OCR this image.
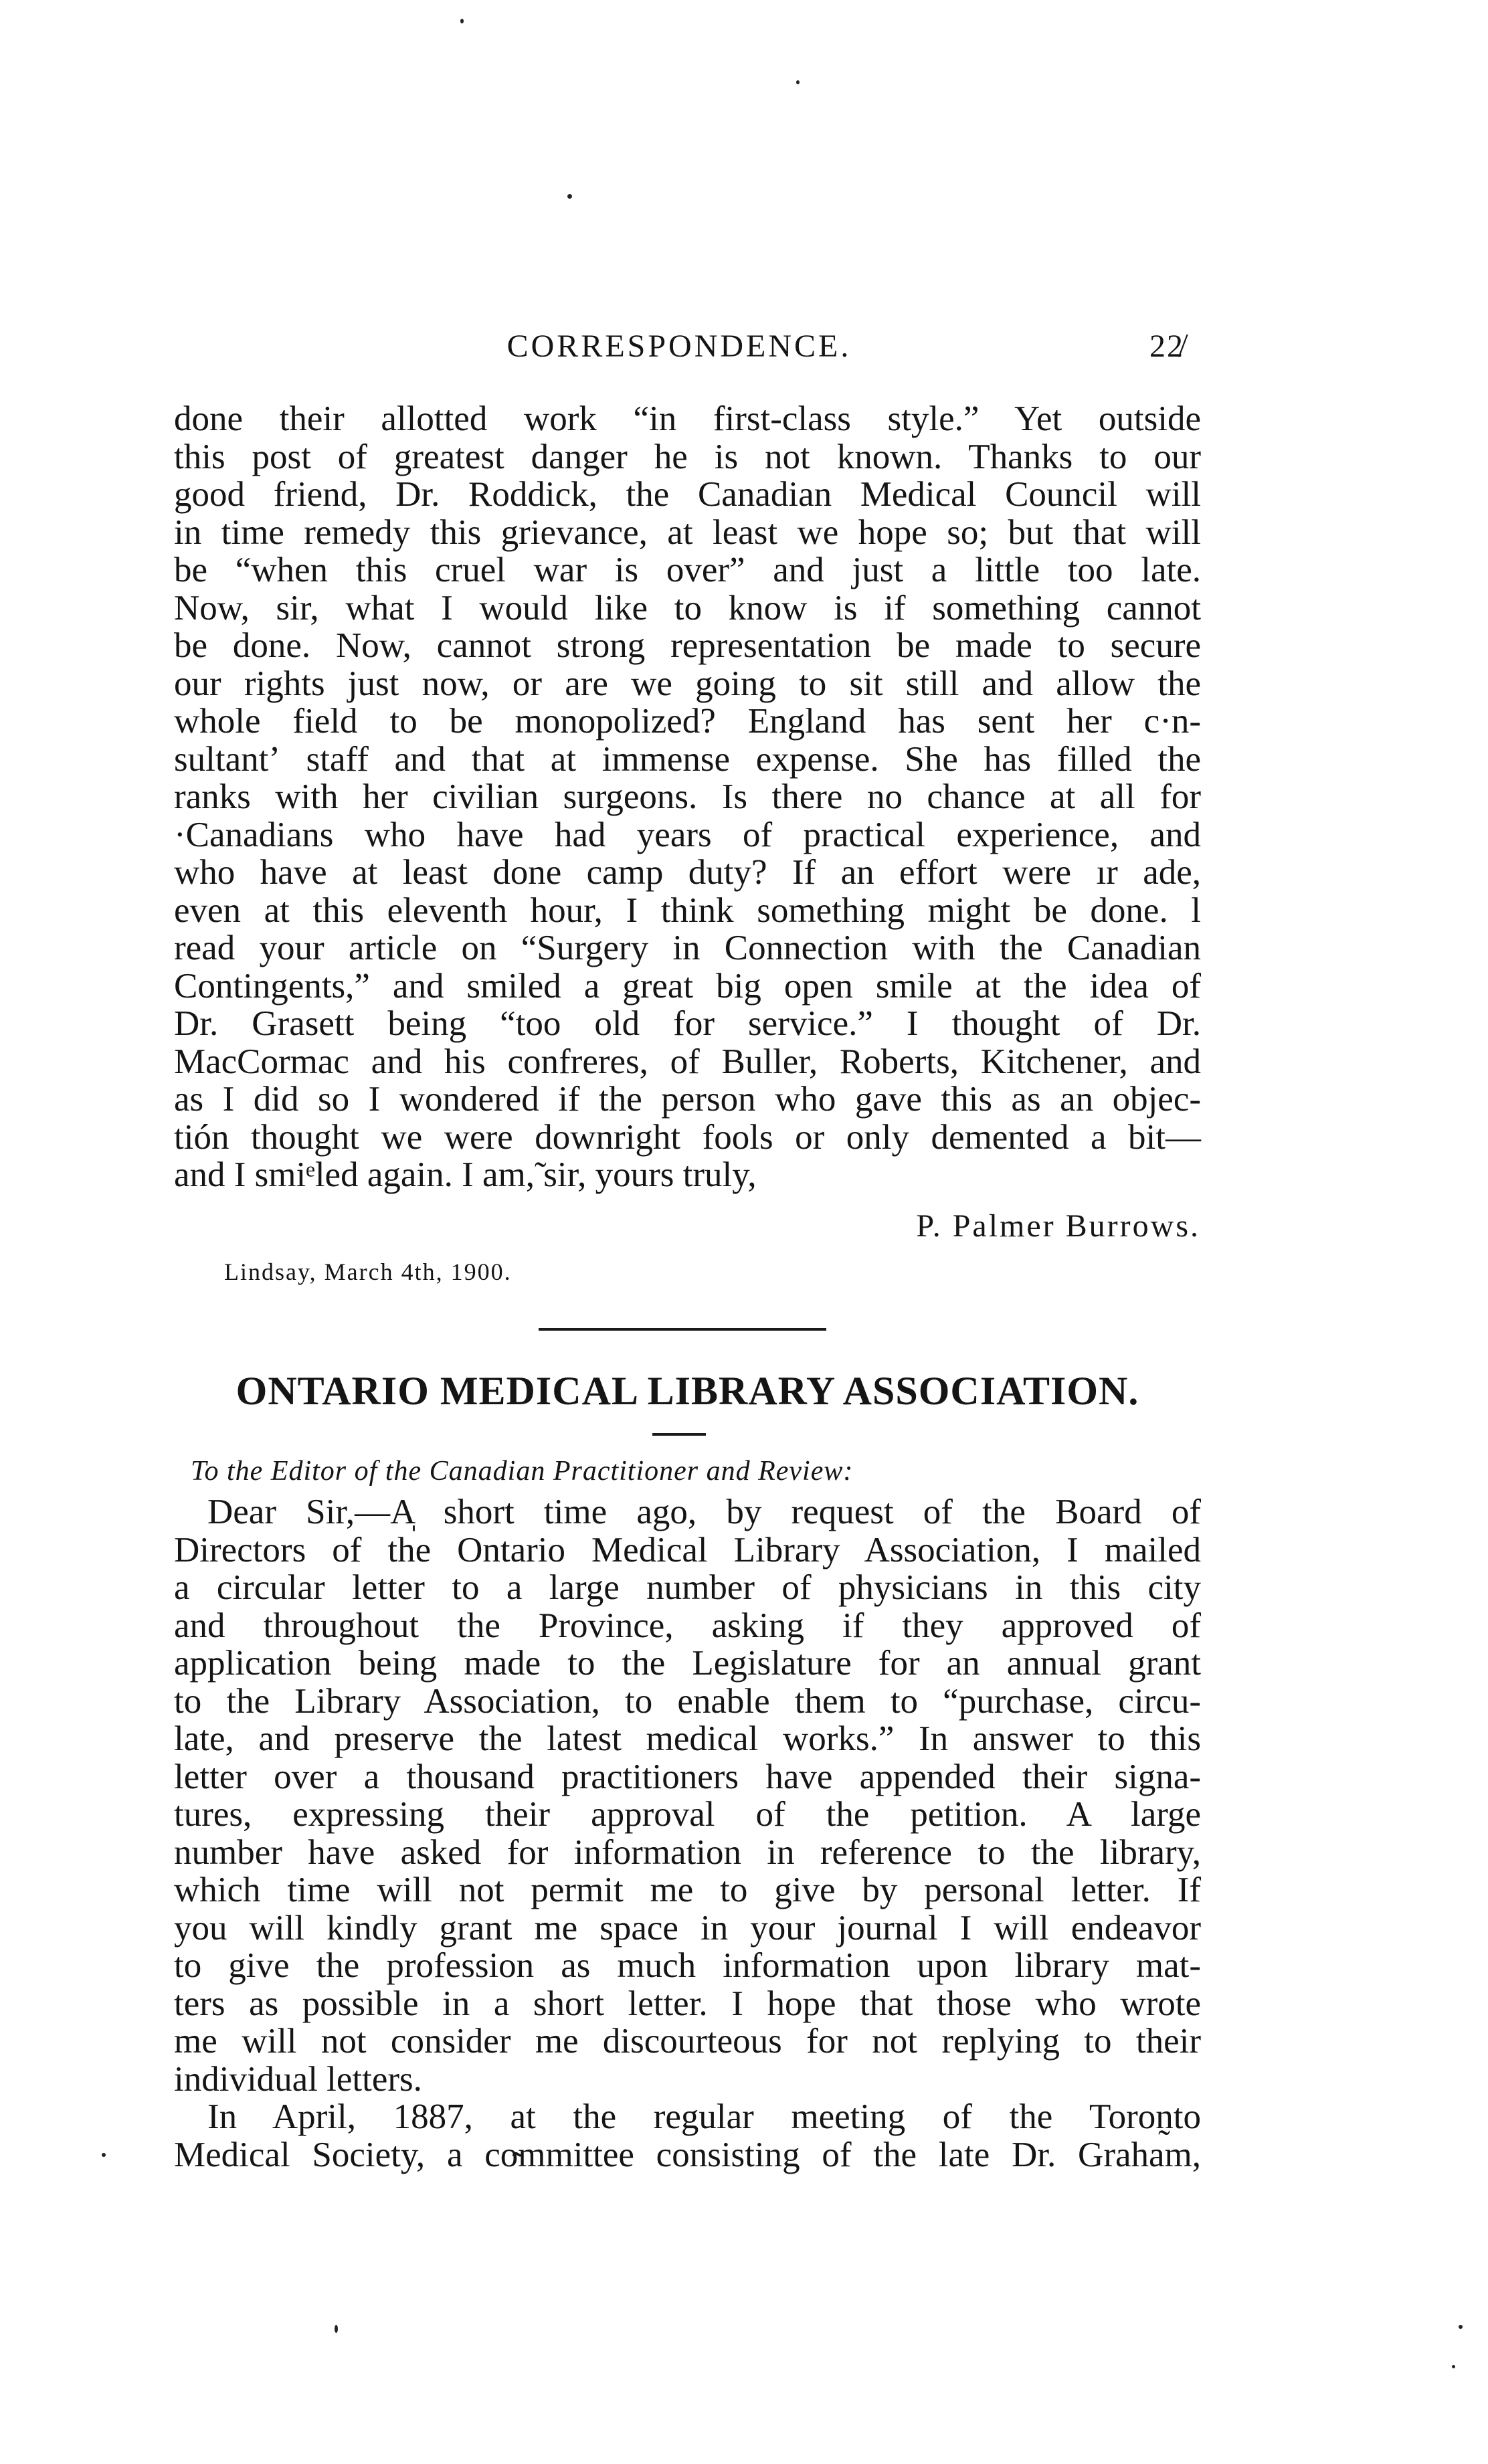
CORRESPONDENCE.	22̸
done their allotted work “in first-class style.” Yet outside
this post of greatest danger he is not known. Thanks to our
good friend, Dr. Roddick, the Canadian Medical Council will
in time remedy this grievance, at least we hope so; but that will
be “when this cruel war is over” and just a little too late.
Now, sir, what I would like to know is if something cannot
be done. Now, cannot strong representation be made to secure
our rights just now, or are we going to sit still and allow the
whole field to be monopolized? England has sent her c·n-
sultantʼ staff and that at immense expense. She has filled the
ranks with her civilian surgeons. Is there no chance at all for
·Canadians who have had years of practical experience, and
who have at least done camp duty? If an effort were ır ade,
even at this eleventh hour, I think something might be done. l
read your article on “Surgery in Connection with the Canadian
Contingents,” and smiled a great big open smile at the idea of
Dr. Grasett being “too old for service.” I thought of Dr.
MacCormac and his confreres, of Buller, Roberts, Kitchener, and
as I did so I wondered if the person who gave this as an objec-
tión thought we were downright fools or only demented a bit—
and I smiᵉled again. I am,̃ sir, yours truly,
P. Palmer Burrows.
Lindsay, March 4th, 1900.
ONTARIO MEDICAL LIBRARY ASSOCIATION.
To the Editor of the Canadian Practitioner and Review:
Dear Sir,—A̩ short time ago, by request of the Board of
Directors of the Ontario Medical Library Association, I mailed
a circular letter to a large number of physicians in this city
and throughout the Province, asking if they approved of
application being made to the Legislature for an annual grant
to the Library Association, to enable them to “purchase, circu-
late, and preserve the latest medical works.” In answer to this
letter over a thousand practitioners have appended their signa-
tures, expressing their approval of the petition. A large
number have asked for information in reference to the library,
which time will not permit me to give by personal letter. If
you will kindly grant me space in your journal I will endeavor
to give the profession as much information upon library mat-
ters as possible in a short letter. I hope that those who wrote
me will not consider me discourteous for not replying to their
individual letters.
In April, 1887, at the regular meeting of the Toron̰to
Medical Society, a co̴mmittee consisting of the late Dr. Graham,
